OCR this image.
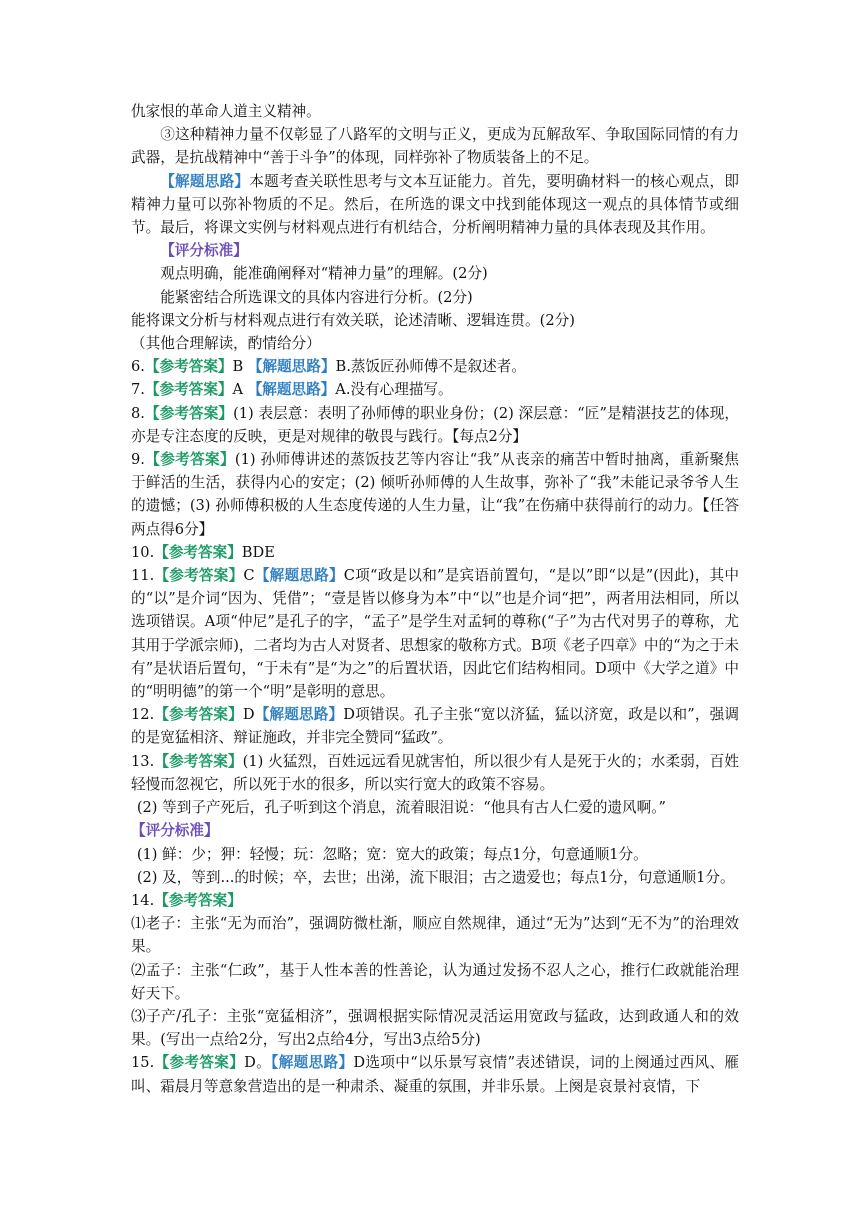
仇家恨的革命人道主义精神。

③这种精神力量不仅彰显了八路军的文明与正义，更成为瓦解敌军、争取国际同情的有力武器，是抗战精神中“善于斗争”的体现，同样弥补了物质装备上的不足。

【解题思路】本题考查关联性思考与文本互证能力。首先，要明确材料一的核心观点，即精神力量可以弥补物质的不足。然后，在所选的课文中找到能体现这一观点的具体情节或细节。最后，将课文实例与材料观点进行有机结合，分析阐明精神力量的具体表现及其作用。

【评分标准】

观点明确，能准确阐释对“精神力量”的理解。(2分)

能紧密结合所选课文的具体内容进行分析。(2分)

能将课文分析与材料观点进行有效关联，论述清晰、逻辑连贯。(2分)

（其他合理解读，酌情给分）

6.【参考答案】B 【解题思路】B.蒸饭匠孙师傅不是叙述者。

7.【参考答案】A 【解题思路】A.没有心理描写。

8.【参考答案】(1) 表层意：表明了孙师傅的职业身份；(2) 深层意：“匠”是精湛技艺的体现，亦是专注态度的反映，更是对规律的敬畏与践行。【每点2分】

9.【参考答案】(1) 孙师傅讲述的蒸饭技艺等内容让“我”从丧亲的痛苦中暂时抽离，重新聚焦于鲜活的生活，获得内心的安定；(2) 倾听孙师傅的人生故事，弥补了“我”未能记录爷爷人生的遗憾；(3) 孙师傅积极的人生态度传递的人生力量，让“我”在伤痛中获得前行的动力。【任答两点得6分】

10.【参考答案】BDE

11.【参考答案】C【解题思路】C项“政是以和”是宾语前置句，“是以”即“以是”(因此)，其中的“以”是介词“因为、凭借”；“壹是皆以修身为本”中“以”也是介词“把”，两者用法相同，所以选项错误。A项“仲尼”是孔子的字，“孟子”是学生对孟轲的尊称(“子”为古代对男子的尊称，尤其用于学派宗师)，二者均为古人对贤者、思想家的敬称方式。B项《老子四章》中的“为之于未有”是状语后置句，“于未有”是“为之”的后置状语，因此它们结构相同。D项中《大学之道》中的“明明德”的第一个“明”是彰明的意思。

12.【参考答案】D【解题思路】D项错误。孔子主张“宽以济猛，猛以济宽，政是以和”，强调的是宽猛相济、辩证施政，并非完全赞同“猛政”。

13.【参考答案】(1) 火猛烈，百姓远远看见就害怕，所以很少有人是死于火的；水柔弱，百姓轻慢而忽视它，所以死于水的很多，所以实行宽大的政策不容易。

(2) 等到子产死后，孔子听到这个消息，流着眼泪说：“他具有古人仁爱的遗风啊。”

【评分标准】

(1) 鲜：少；狎：轻慢；玩：忽略；宽：宽大的政策；每点1分，句意通顺1分。

(2) 及，等到...的时候；卒，去世；出涕，流下眼泪；古之遗爱也；每点1分，句意通顺1分。

14.【参考答案】

⑴老子：主张“无为而治”，强调防微杜渐，顺应自然规律，通过“无为”达到“无不为”的治理效果。

⑵孟子：主张“仁政”，基于人性本善的性善论，认为通过发扬不忍人之心，推行仁政就能治理好天下。

⑶子产/孔子：主张“宽猛相济”，强调根据实际情况灵活运用宽政与猛政，达到政通人和的效果。(写出一点给2分，写出2点给4分，写出3点给5分)

15.【参考答案】D。【解题思路】D选项中“以乐景写哀情”表述错误，词的上阕通过西风、雁叫、霜晨月等意象营造出的是一种肃杀、凝重的氛围，并非乐景。上阕是哀景衬哀情，下
